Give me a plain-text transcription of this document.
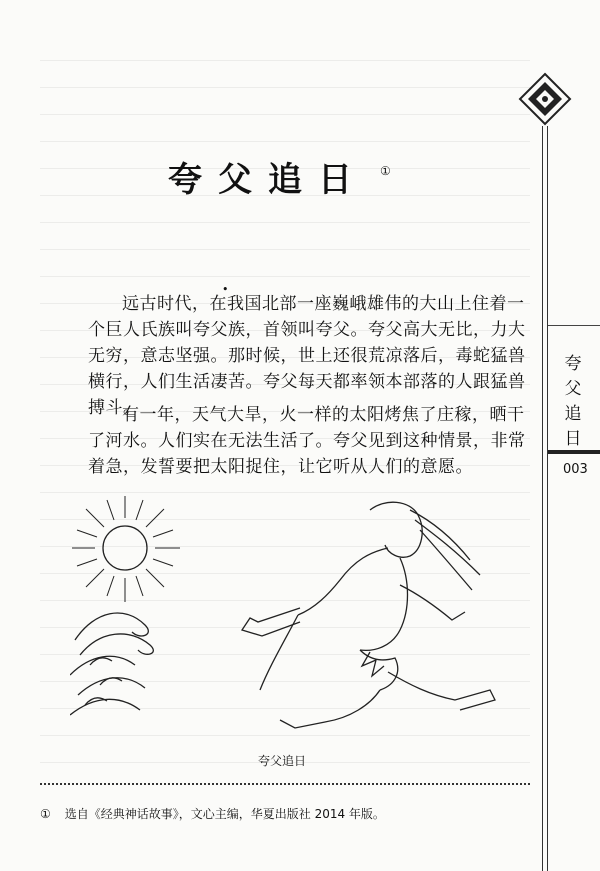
夸父追日 ①
•

远古时代，在我国北部一座巍峨雄伟的大山上住着一个巨人氏族叫夸父族，首领叫夸父。夸父高大无比，力大无穷，意志坚强。那时候，世上还很荒凉落后，毒蛇猛兽横行，人们生活凄苦。夸父每天都率领本部落的人跟猛兽搏斗。

有一年，天气大旱，火一样的太阳烤焦了庄稼，晒干了河水。人们实在无法生活了。夸父见到这种情景，非常着急，发誓要把太阳捉住，让它听从人们的意愿。

夸父追日
① 选自《经典神话故事》，文心主编，华夏出版社 2014 年版。
夸
父
追
日
003
